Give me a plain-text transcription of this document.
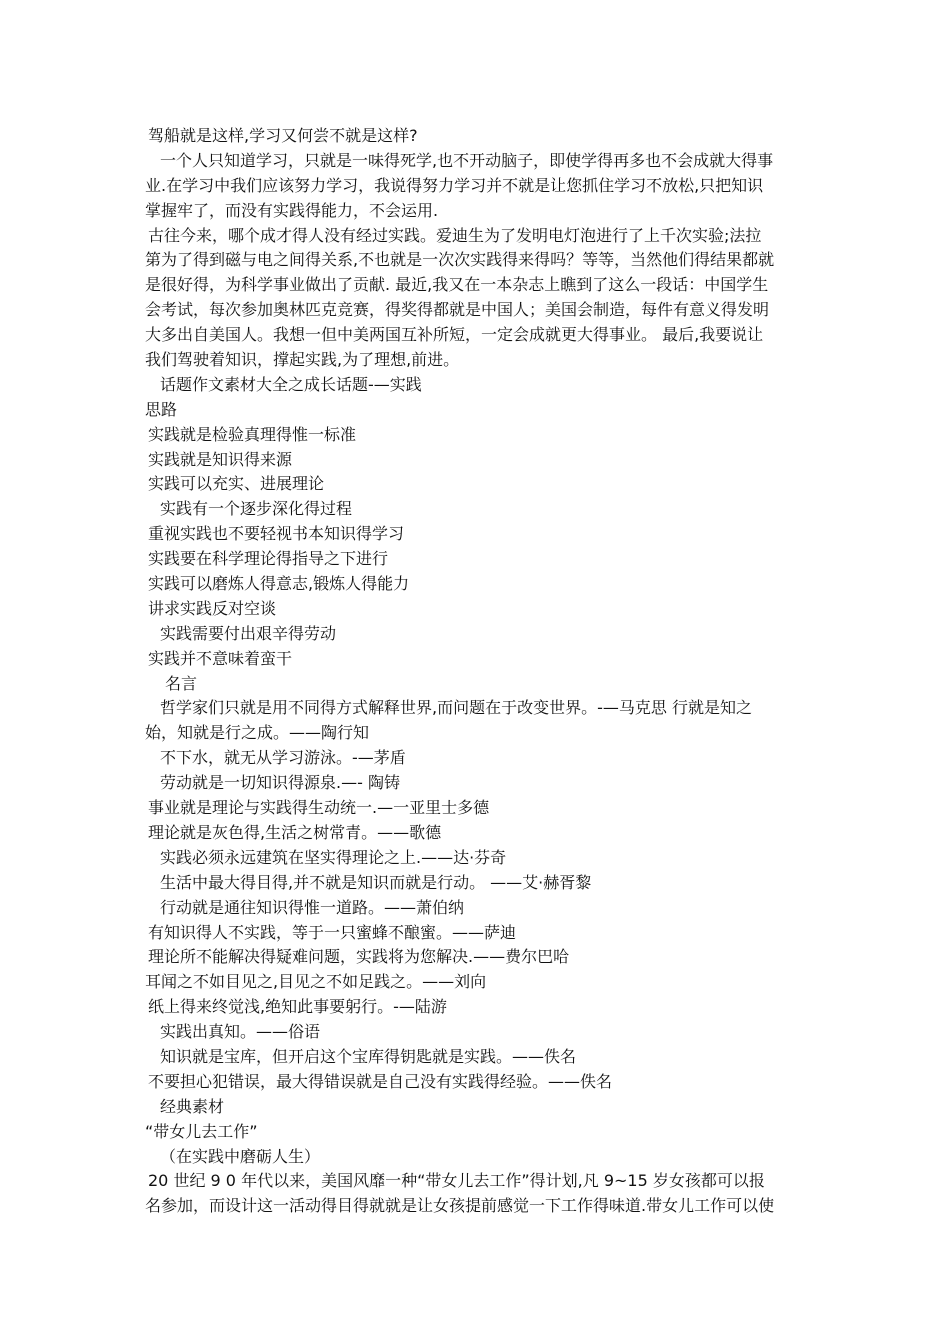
驾船就是这样,学习又何尝不就是这样?
一个人只知道学习，只就是一味得死学,也不开动脑子，即使学得再多也不会成就大得事
业.在学习中我们应该努力学习，我说得努力学习并不就是让您抓住学习不放松,只把知识
掌握牢了，而没有实践得能力，不会运用.
古往今来，哪个成才得人没有经过实践。爱迪生为了发明电灯泡进行了上千次实验;法拉
第为了得到磁与电之间得关系,不也就是一次次实践得来得吗？等等，当然他们得结果都就
是很好得，为科学事业做出了贡献. 最近,我又在一本杂志上瞧到了这么一段话：中国学生
会考试，每次参加奥林匹克竞赛，得奖得都就是中国人；美国会制造，每件有意义得发明
大多出自美国人。我想一但中美两国互补所短，一定会成就更大得事业。 最后,我要说让
我们驾驶着知识，撑起实践,为了理想,前进。
话题作文素材大全之成长话题-—实践
思路
实践就是检验真理得惟一标准
实践就是知识得来源
实践可以充实、进展理论
实践有一个逐步深化得过程
重视实践也不要轻视书本知识得学习
实践要在科学理论得指导之下进行
实践可以磨炼人得意志,锻炼人得能力
讲求实践反对空谈
实践需要付出艰辛得劳动
实践并不意味着蛮干
名言
哲学家们只就是用不同得方式解释世界,而问题在于改变世界。-—马克思 行就是知之
始，知就是行之成。——陶行知
不下水，就无从学习游泳。-—茅盾
劳动就是一切知识得源泉.—- 陶铸
事业就是理论与实践得生动统一.—一亚里士多德
理论就是灰色得,生活之树常青。——歌德
实践必须永远建筑在坚实得理论之上.——达·芬奇
生活中最大得目得,并不就是知识而就是行动。 ——艾·赫胥黎
行动就是通往知识得惟一道路。——萧伯纳
有知识得人不实践，等于一只蜜蜂不酿蜜。——萨迪
理论所不能解决得疑难问题，实践将为您解决.——费尔巴哈
耳闻之不如目见之,目见之不如足践之。——刘向
纸上得来终觉浅,绝知此事要躬行。-—陆游
实践出真知。——俗语
知识就是宝库，但开启这个宝库得钥匙就是实践。——佚名
不要担心犯错误，最大得错误就是自己没有实践得经验。——佚名
经典素材
“带女儿去工作”
（在实践中磨砺人生）
20 世纪 9 0 年代以来，美国风靡一种“带女儿去工作”得计划,凡 9~15 岁女孩都可以报
名参加，而设计这一活动得目得就就是让女孩提前感觉一下工作得味道.带女儿工作可以使
